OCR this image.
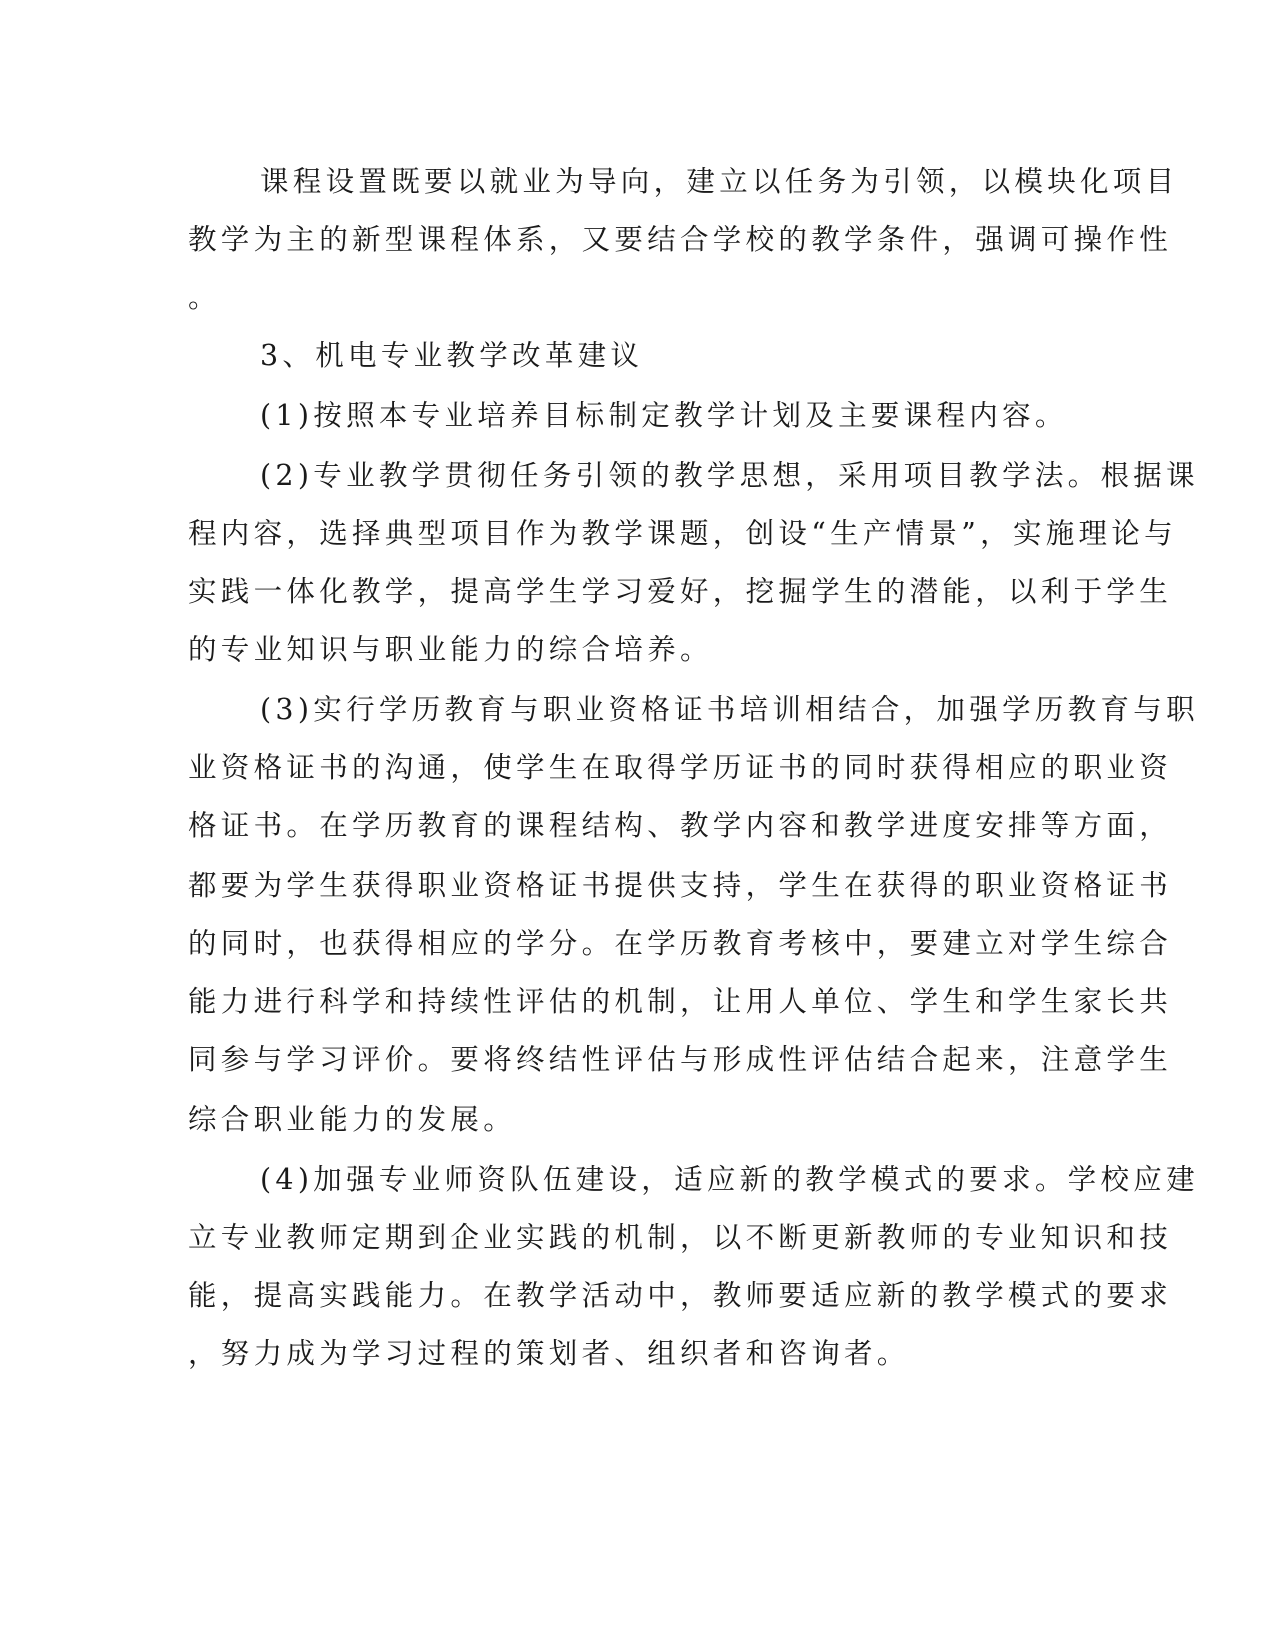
课程设置既要以就业为导向，建立以任务为引领，以模块化项目
教学为主的新型课程体系，又要结合学校的教学条件，强调可操作性
。
3、机电专业教学改革建议
(1)按照本专业培养目标制定教学计划及主要课程内容。
(2)专业教学贯彻任务引领的教学思想，采用项目教学法。根据课
程内容，选择典型项目作为教学课题，创设“生产情景”，实施理论与
实践一体化教学，提高学生学习爱好，挖掘学生的潜能，以利于学生
的专业知识与职业能力的综合培养。
(3)实行学历教育与职业资格证书培训相结合，加强学历教育与职
业资格证书的沟通，使学生在取得学历证书的同时获得相应的职业资
格证书。在学历教育的课程结构、教学内容和教学进度安排等方面，
都要为学生获得职业资格证书提供支持，学生在获得的职业资格证书
的同时，也获得相应的学分。在学历教育考核中，要建立对学生综合
能力进行科学和持续性评估的机制，让用人单位、学生和学生家长共
同参与学习评价。要将终结性评估与形成性评估结合起来，注意学生
综合职业能力的发展。
(4)加强专业师资队伍建设，适应新的教学模式的要求。学校应建
立专业教师定期到企业实践的机制，以不断更新教师的专业知识和技
能，提高实践能力。在教学活动中，教师要适应新的教学模式的要求
，努力成为学习过程的策划者、组织者和咨询者。
